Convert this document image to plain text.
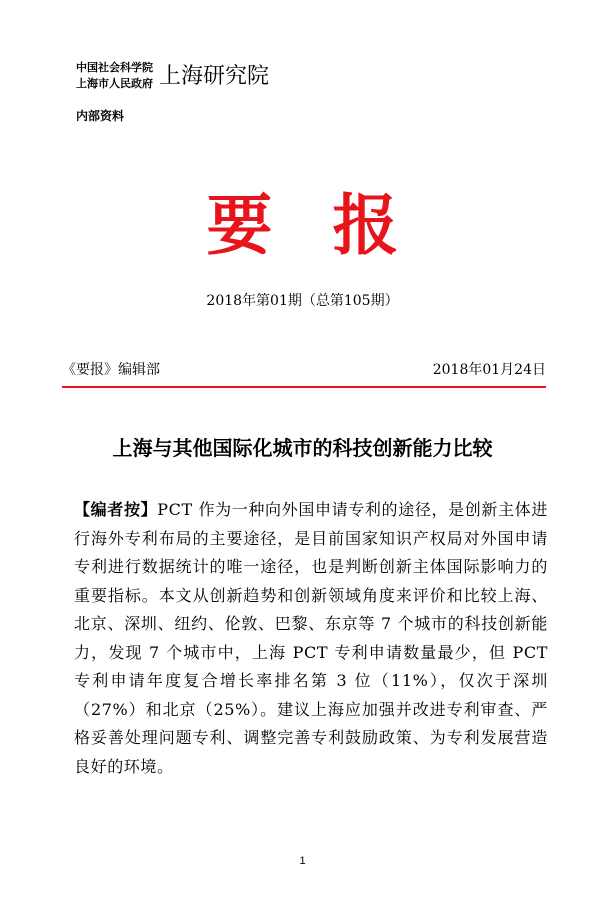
中国社会科学院
上海市人民政府 上海研究院
内部资料
要报
2018年第01期（总第105期）
《要报》编辑部	2018年01月24日
上海与其他国际化城市的科技创新能力比较
【编者按】PCT 作为一种向外国申请专利的途径，是创新主体进行海外专利布局的主要途径，是目前国家知识产权局对外国申请专利进行数据统计的唯一途径，也是判断创新主体国际影响力的重要指标。本文从创新趋势和创新领域角度来评价和比较上海、北京、深圳、纽约、伦敦、巴黎、东京等 7 个城市的科技创新能力，发现 7 个城市中，上海 PCT 专利申请数量最少，但 PCT 专利申请年度复合增长率排名第 3 位（11%），仅次于深圳（27%）和北京（25%）。建议上海应加强并改进专利审查、严格妥善处理问题专利、调整完善专利鼓励政策、为专利发展营造良好的环境。
1
